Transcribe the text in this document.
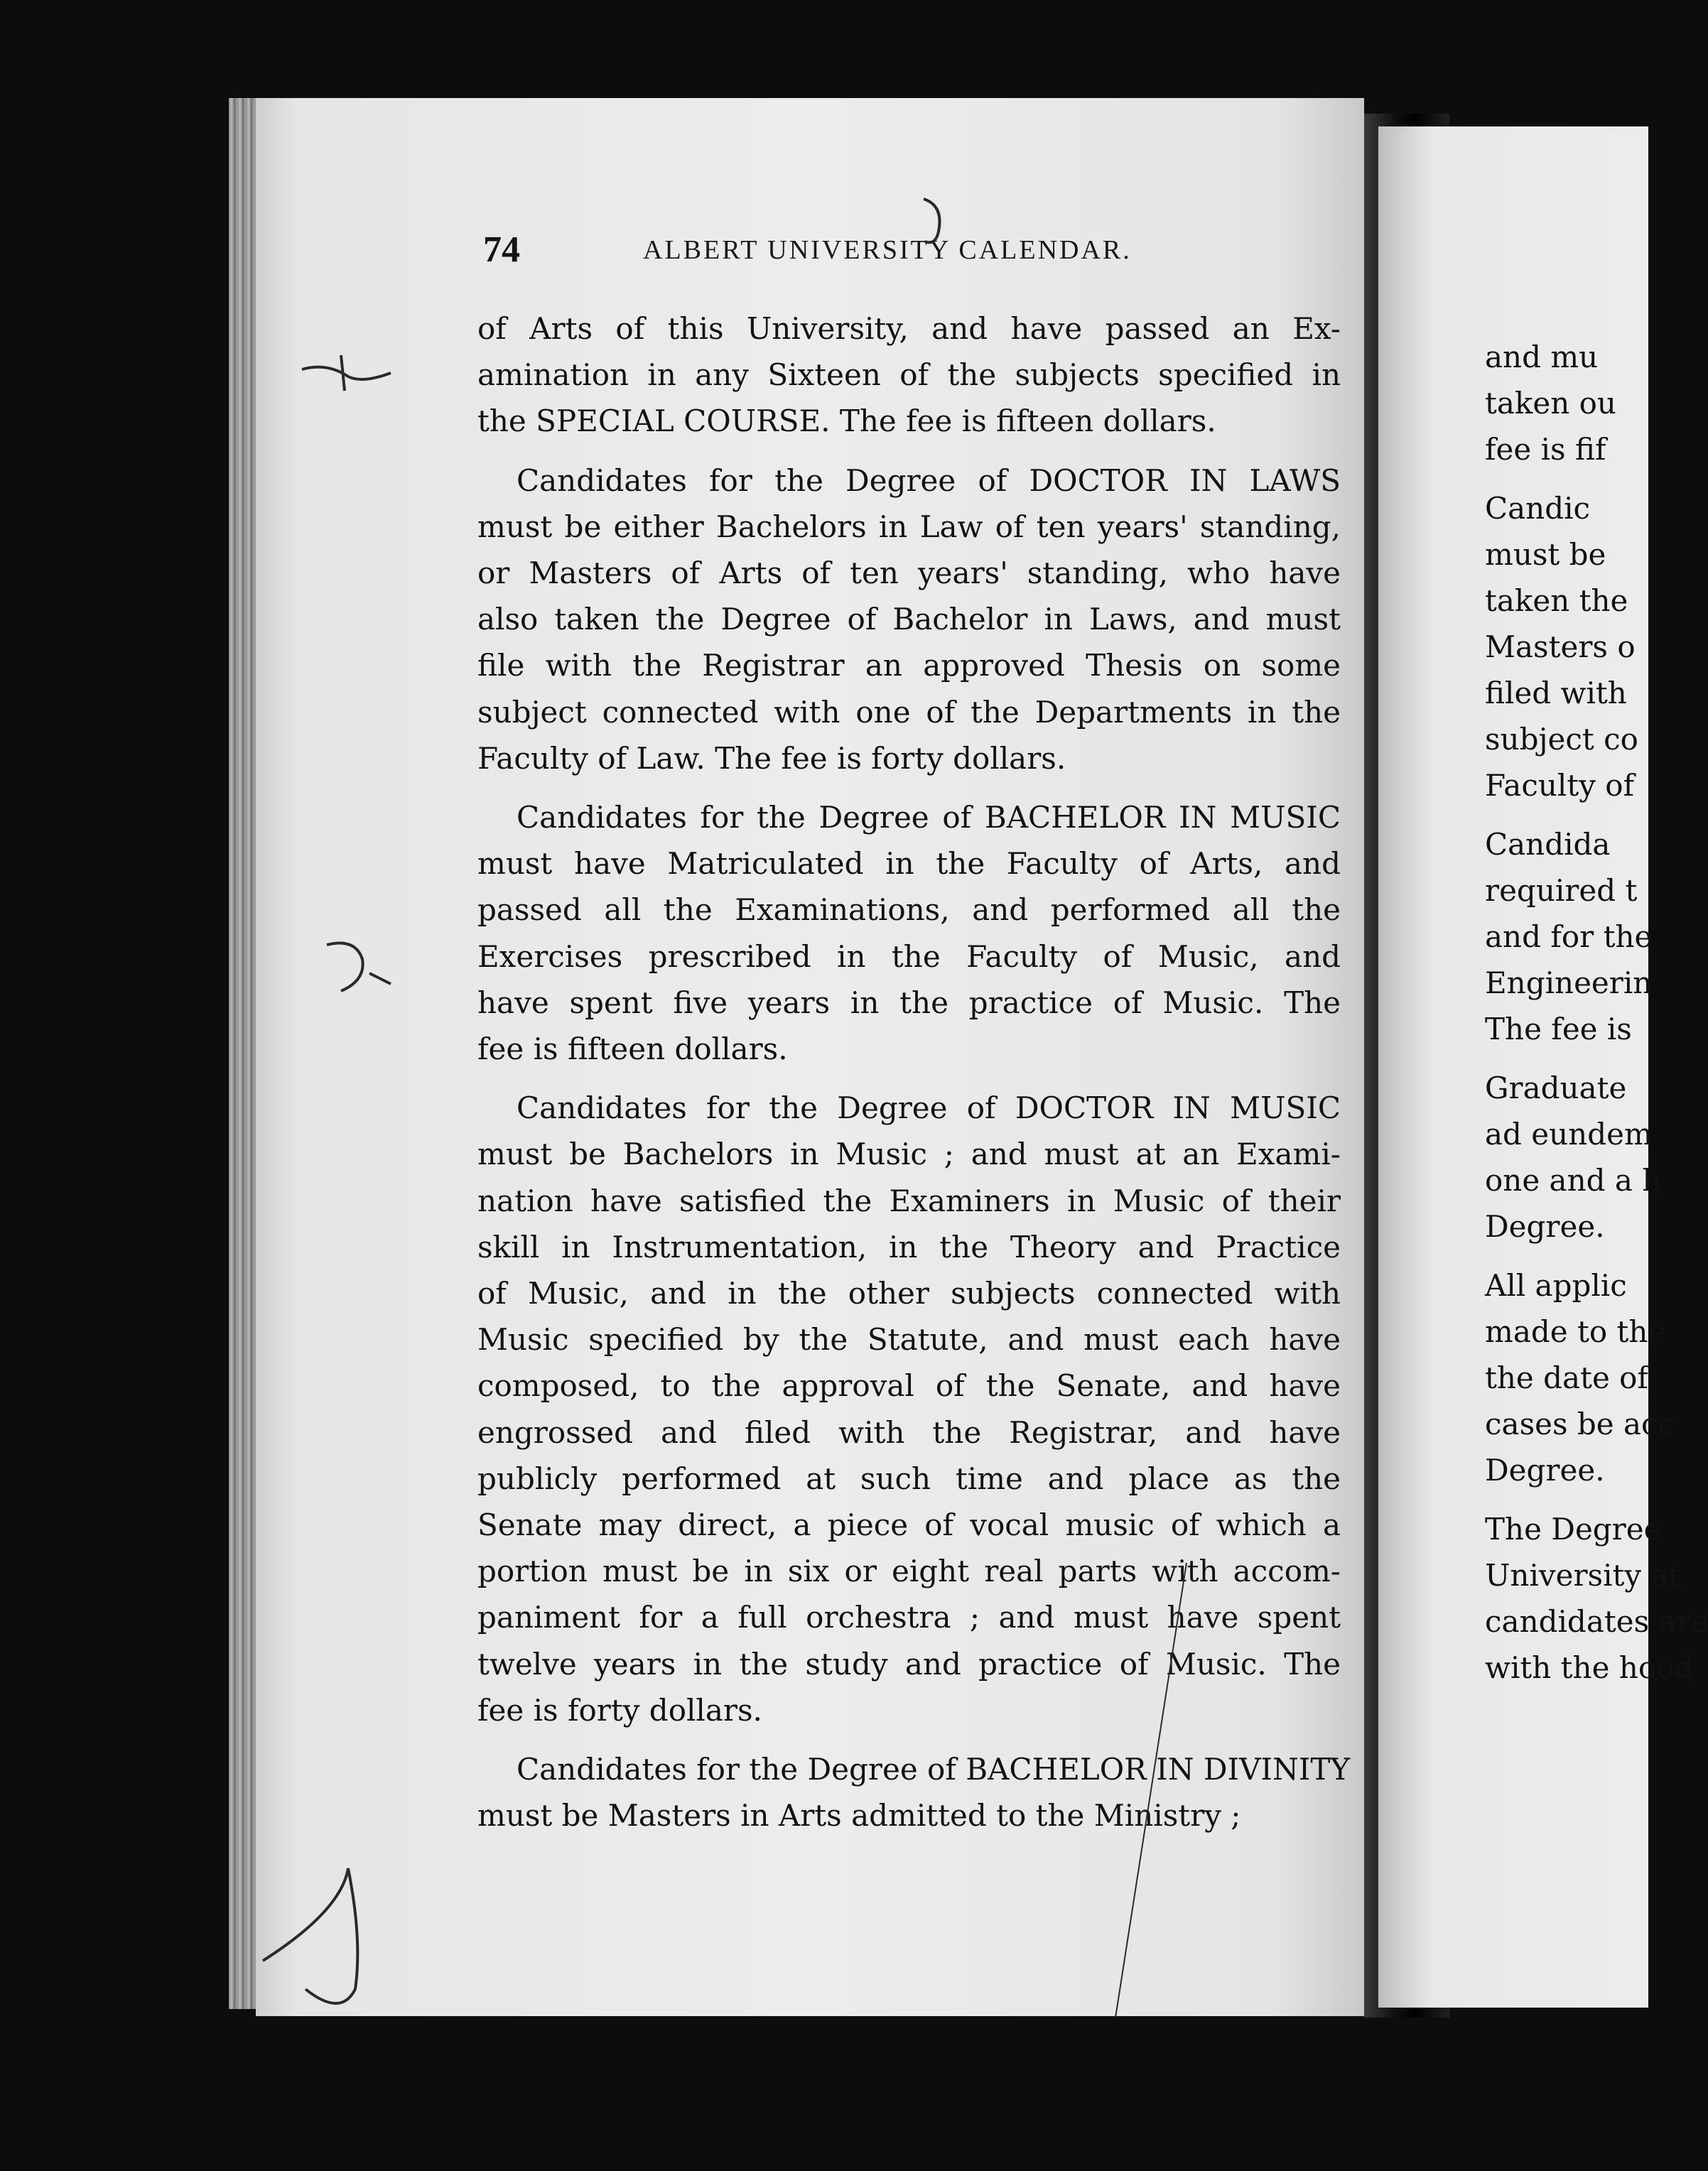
74	ALBERT UNIVERSITY CALENDAR.
of Arts of this University, and have passed an Ex-
amination in any Sixteen of the subjects specified in
the SPECIAL COURSE. The fee is fifteen dollars.
Candidates for the Degree of DOCTOR IN LAWS
must be either Bachelors in Law of ten years' standing,
or Masters of Arts of ten years' standing, who have
also taken the Degree of Bachelor in Laws, and must
file with the Registrar an approved Thesis on some
subject connected with one of the Departments in the
Faculty of Law. The fee is forty dollars.
Candidates for the Degree of BACHELOR IN MUSIC
must have Matriculated in the Faculty of Arts, and
passed all the Examinations, and performed all the
Exercises prescribed in the Faculty of Music, and
have spent five years in the practice of Music. The
fee is fifteen dollars.
Candidates for the Degree of DOCTOR IN MUSIC
must be Bachelors in Music ; and must at an Exami-
nation have satisfied the Examiners in Music of their
skill in Instrumentation, in the Theory and Practice
of Music, and in the other subjects connected with
Music specified by the Statute, and must each have
composed, to the approval of the Senate, and have
engrossed and filed with the Registrar, and have
publicly performed at such time and place as the
Senate may direct, a piece of vocal music of which a
portion must be in six or eight real parts with accom-
paniment for a full orchestra ; and must have spent
twelve years in the study and practice of Music. The
fee is forty dollars.
Candidates for the Degree of BACHELOR IN DIVINITY
must be Masters in Arts admitted to the Ministry ;
and mu
taken ou
fee is fif
Candic
must be
taken the
Masters o
filed with
subject co
Faculty of
Candida
required t
and for the
Engineerin
The fee is
Graduate
ad eundem
one and a h
Degree.
All applic
made to the
the date of
cases be acc
Degree.
The Degree
University at
candidates are
with the hood
